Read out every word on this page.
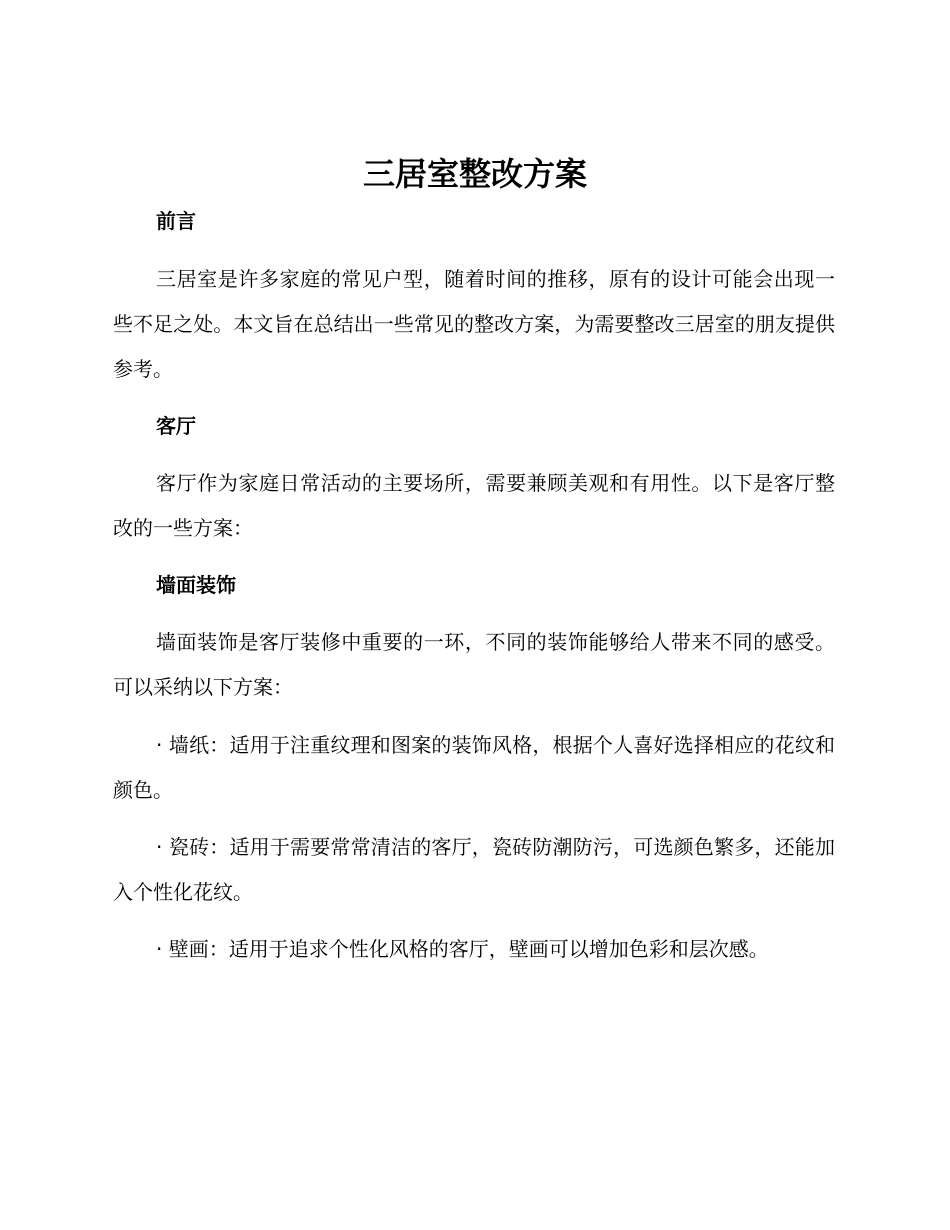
三居室整改方案

前言

三居室是许多家庭的常见户型，随着时间的推移，原有的设计可能会出现一些不足之处。本文旨在总结出一些常见的整改方案，为需要整改三居室的朋友提供参考。

客厅

客厅作为家庭日常活动的主要场所，需要兼顾美观和有用性。以下是客厅整改的一些方案：

墙面装饰

墙面装饰是客厅装修中重要的一环，不同的装饰能够给人带来不同的感受。可以采纳以下方案：

· 墙纸：适用于注重纹理和图案的装饰风格，根据个人喜好选择相应的花纹和颜色。

· 瓷砖：适用于需要常常清洁的客厅，瓷砖防潮防污，可选颜色繁多，还能加入个性化花纹。

· 壁画：适用于追求个性化风格的客厅，壁画可以增加色彩和层次感。
